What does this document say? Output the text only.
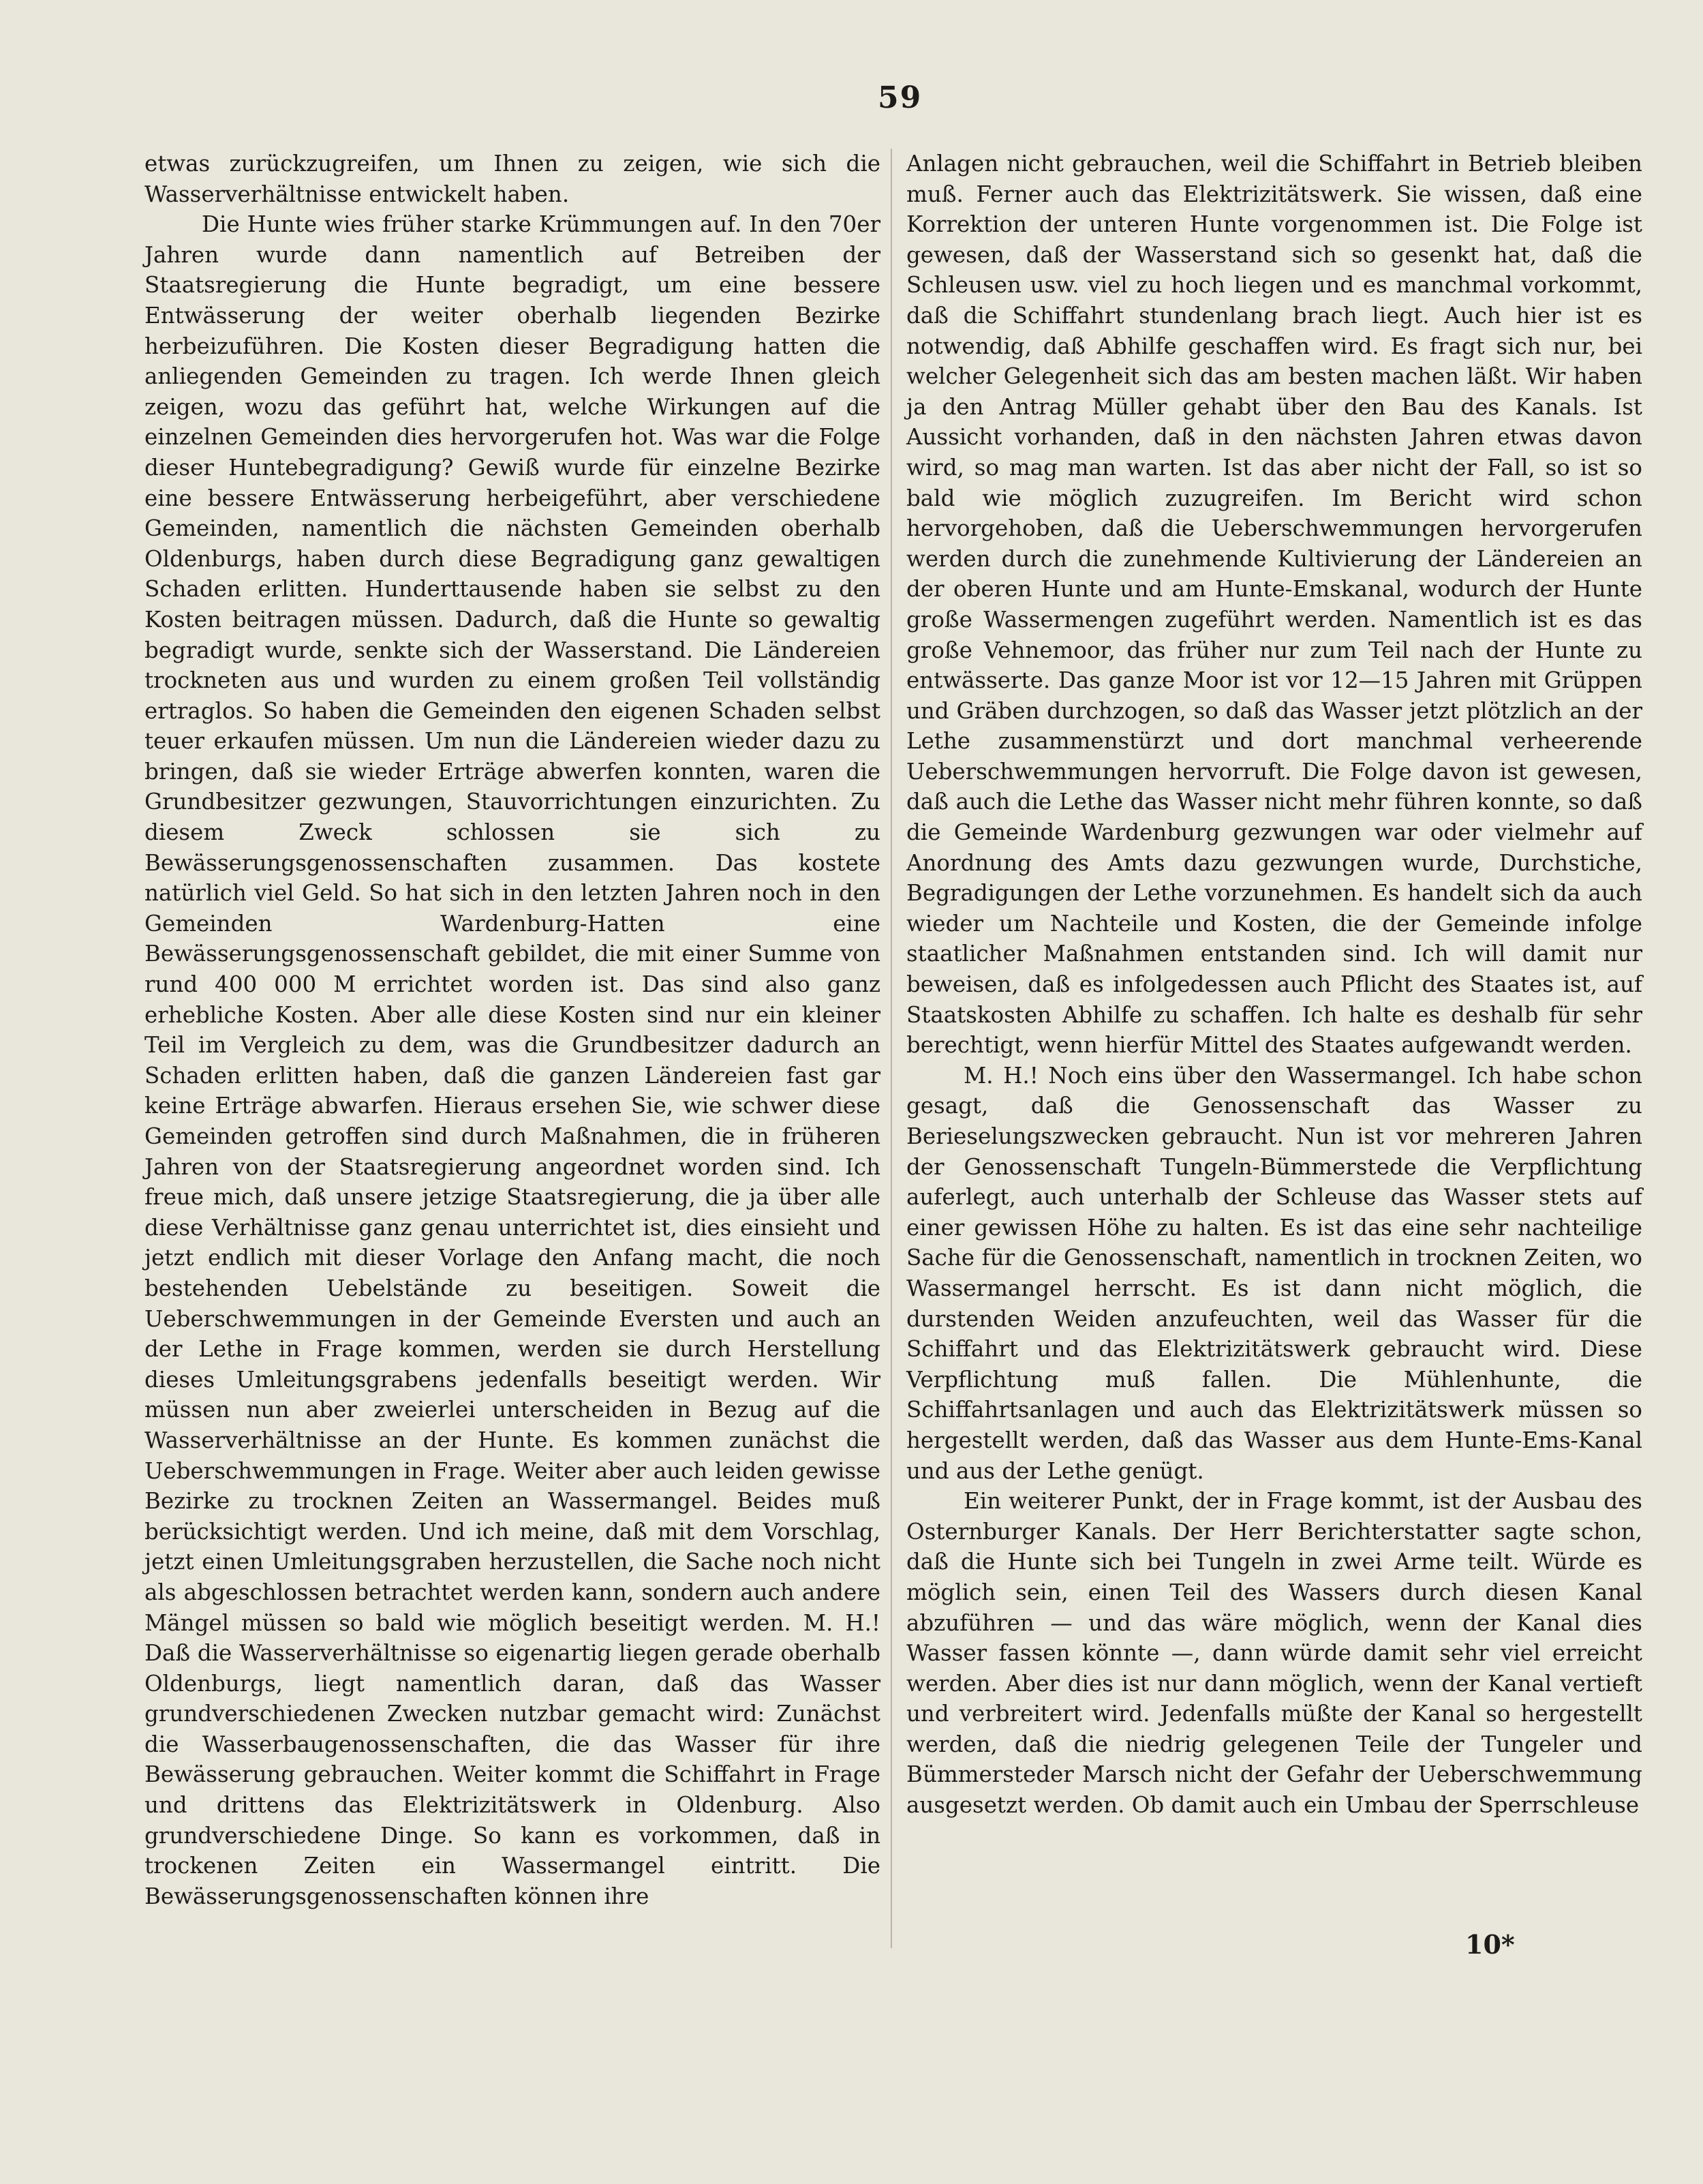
59

etwas zurückzugreifen, um Ihnen zu zeigen, wie sich die Wasserverhältnisse entwickelt haben.

Die Hunte wies früher starke Krümmungen auf. In den 70er Jahren wurde dann namentlich auf Betreiben der Staatsregierung die Hunte begradigt, um eine bessere Entwässerung der weiter oberhalb liegenden Bezirke herbeizuführen. Die Kosten dieser Begradigung hatten die anliegenden Gemeinden zu tragen. Ich werde Ihnen gleich zeigen, wozu das geführt hat, welche Wirkungen auf die einzelnen Gemeinden dies hervorgerufen hot. Was war die Folge dieser Huntebegradigung? Gewiß wurde für einzelne Bezirke eine bessere Entwässerung herbeigeführt, aber verschiedene Gemeinden, namentlich die nächsten Gemeinden oberhalb Oldenburgs, haben durch diese Begradigung ganz gewaltigen Schaden erlitten. Hunderttausende haben sie selbst zu den Kosten beitragen müssen. Dadurch, daß die Hunte so gewaltig begradigt wurde, senkte sich der Wasserstand. Die Ländereien trockneten aus und wurden zu einem großen Teil vollständig ertraglos. So haben die Gemeinden den eigenen Schaden selbst teuer erkaufen müssen. Um nun die Ländereien wieder dazu zu bringen, daß sie wieder Erträge abwerfen konnten, waren die Grundbesitzer gezwungen, Stauvorrichtungen einzurichten. Zu diesem Zweck schlossen sie sich zu Bewässerungsgenossenschaften zusammen. Das kostete natürlich viel Geld. So hat sich in den letzten Jahren noch in den Gemeinden Wardenburg-Hatten eine Bewässerungsgenossenschaft gebildet, die mit einer Summe von rund 400 000 M errichtet worden ist. Das sind also ganz erhebliche Kosten. Aber alle diese Kosten sind nur ein kleiner Teil im Vergleich zu dem, was die Grundbesitzer dadurch an Schaden erlitten haben, daß die ganzen Ländereien fast gar keine Erträge abwarfen. Hieraus ersehen Sie, wie schwer diese Gemeinden getroffen sind durch Maßnahmen, die in früheren Jahren von der Staatsregierung angeordnet worden sind. Ich freue mich, daß unsere jetzige Staatsregierung, die ja über alle diese Verhältnisse ganz genau unterrichtet ist, dies einsieht und jetzt endlich mit dieser Vorlage den Anfang macht, die noch bestehenden Uebelstände zu beseitigen. Soweit die Ueberschwemmungen in der Gemeinde Eversten und auch an der Lethe in Frage kommen, werden sie durch Herstellung dieses Umleitungsgrabens jedenfalls beseitigt werden. Wir müssen nun aber zweierlei unterscheiden in Bezug auf die Wasserverhältnisse an der Hunte. Es kommen zunächst die Ueberschwemmungen in Frage. Weiter aber auch leiden gewisse Bezirke zu trocknen Zeiten an Wassermangel. Beides muß berücksichtigt werden. Und ich meine, daß mit dem Vorschlag, jetzt einen Umleitungsgraben herzustellen, die Sache noch nicht als abgeschlossen betrachtet werden kann, sondern auch andere Mängel müssen so bald wie möglich beseitigt werden. M. H.! Daß die Wasserverhältnisse so eigenartig liegen gerade oberhalb Oldenburgs, liegt namentlich daran, daß das Wasser grundverschiedenen Zwecken nutzbar gemacht wird: Zunächst die Wasserbaugenossenschaften, die das Wasser für ihre Bewässerung gebrauchen. Weiter kommt die Schiffahrt in Frage und drittens das Elektrizitätswerk in Oldenburg. Also grundverschiedene Dinge. So kann es vorkommen, daß in trockenen Zeiten ein Wassermangel eintritt. Die Bewässerungsgenossenschaften können ihre

Anlagen nicht gebrauchen, weil die Schiffahrt in Betrieb bleiben muß. Ferner auch das Elektrizitätswerk. Sie wissen, daß eine Korrektion der unteren Hunte vorgenommen ist. Die Folge ist gewesen, daß der Wasserstand sich so gesenkt hat, daß die Schleusen usw. viel zu hoch liegen und es manchmal vorkommt, daß die Schiffahrt stundenlang brach liegt. Auch hier ist es notwendig, daß Abhilfe geschaffen wird. Es fragt sich nur, bei welcher Gelegenheit sich das am besten machen läßt. Wir haben ja den Antrag Müller gehabt über den Bau des Kanals. Ist Aussicht vorhanden, daß in den nächsten Jahren etwas davon wird, so mag man warten. Ist das aber nicht der Fall, so ist so bald wie möglich zuzugreifen. Im Bericht wird schon hervorgehoben, daß die Ueberschwemmungen hervorgerufen werden durch die zunehmende Kultivierung der Ländereien an der oberen Hunte und am Hunte-Emskanal, wodurch der Hunte große Wassermengen zugeführt werden. Namentlich ist es das große Vehnemoor, das früher nur zum Teil nach der Hunte zu entwässerte. Das ganze Moor ist vor 12—15 Jahren mit Grüppen und Gräben durchzogen, so daß das Wasser jetzt plötzlich an der Lethe zusammenstürzt und dort manchmal verheerende Ueberschwemmungen hervorruft. Die Folge davon ist gewesen, daß auch die Lethe das Wasser nicht mehr führen konnte, so daß die Gemeinde Wardenburg gezwungen war oder vielmehr auf Anordnung des Amts dazu gezwungen wurde, Durchstiche, Begradigungen der Lethe vorzunehmen. Es handelt sich da auch wieder um Nachteile und Kosten, die der Gemeinde infolge staatlicher Maßnahmen entstanden sind. Ich will damit nur beweisen, daß es infolgedessen auch Pflicht des Staates ist, auf Staatskosten Abhilfe zu schaffen. Ich halte es deshalb für sehr berechtigt, wenn hierfür Mittel des Staates aufgewandt werden.

M. H.! Noch eins über den Wassermangel. Ich habe schon gesagt, daß die Genossenschaft das Wasser zu Berieselungszwecken gebraucht. Nun ist vor mehreren Jahren der Genossenschaft Tungeln-Bümmerstede die Verpflichtung auferlegt, auch unterhalb der Schleuse das Wasser stets auf einer gewissen Höhe zu halten. Es ist das eine sehr nachteilige Sache für die Genossenschaft, namentlich in trocknen Zeiten, wo Wassermangel herrscht. Es ist dann nicht möglich, die durstenden Weiden anzufeuchten, weil das Wasser für die Schiffahrt und das Elektrizitätswerk gebraucht wird. Diese Verpflichtung muß fallen. Die Mühlenhunte, die Schiffahrtsanlagen und auch das Elektrizitätswerk müssen so hergestellt werden, daß das Wasser aus dem Hunte-Ems-Kanal und aus der Lethe genügt.

Ein weiterer Punkt, der in Frage kommt, ist der Ausbau des Osternburger Kanals. Der Herr Berichterstatter sagte schon, daß die Hunte sich bei Tungeln in zwei Arme teilt. Würde es möglich sein, einen Teil des Wassers durch diesen Kanal abzuführen — und das wäre möglich, wenn der Kanal dies Wasser fassen könnte —, dann würde damit sehr viel erreicht werden. Aber dies ist nur dann möglich, wenn der Kanal vertieft und verbreitert wird. Jedenfalls müßte der Kanal so hergestellt werden, daß die niedrig gelegenen Teile der Tungeler und Bümmersteder Marsch nicht der Gefahr der Ueberschwemmung ausgesetzt werden. Ob damit auch ein Umbau der Sperrschleuse

10*
